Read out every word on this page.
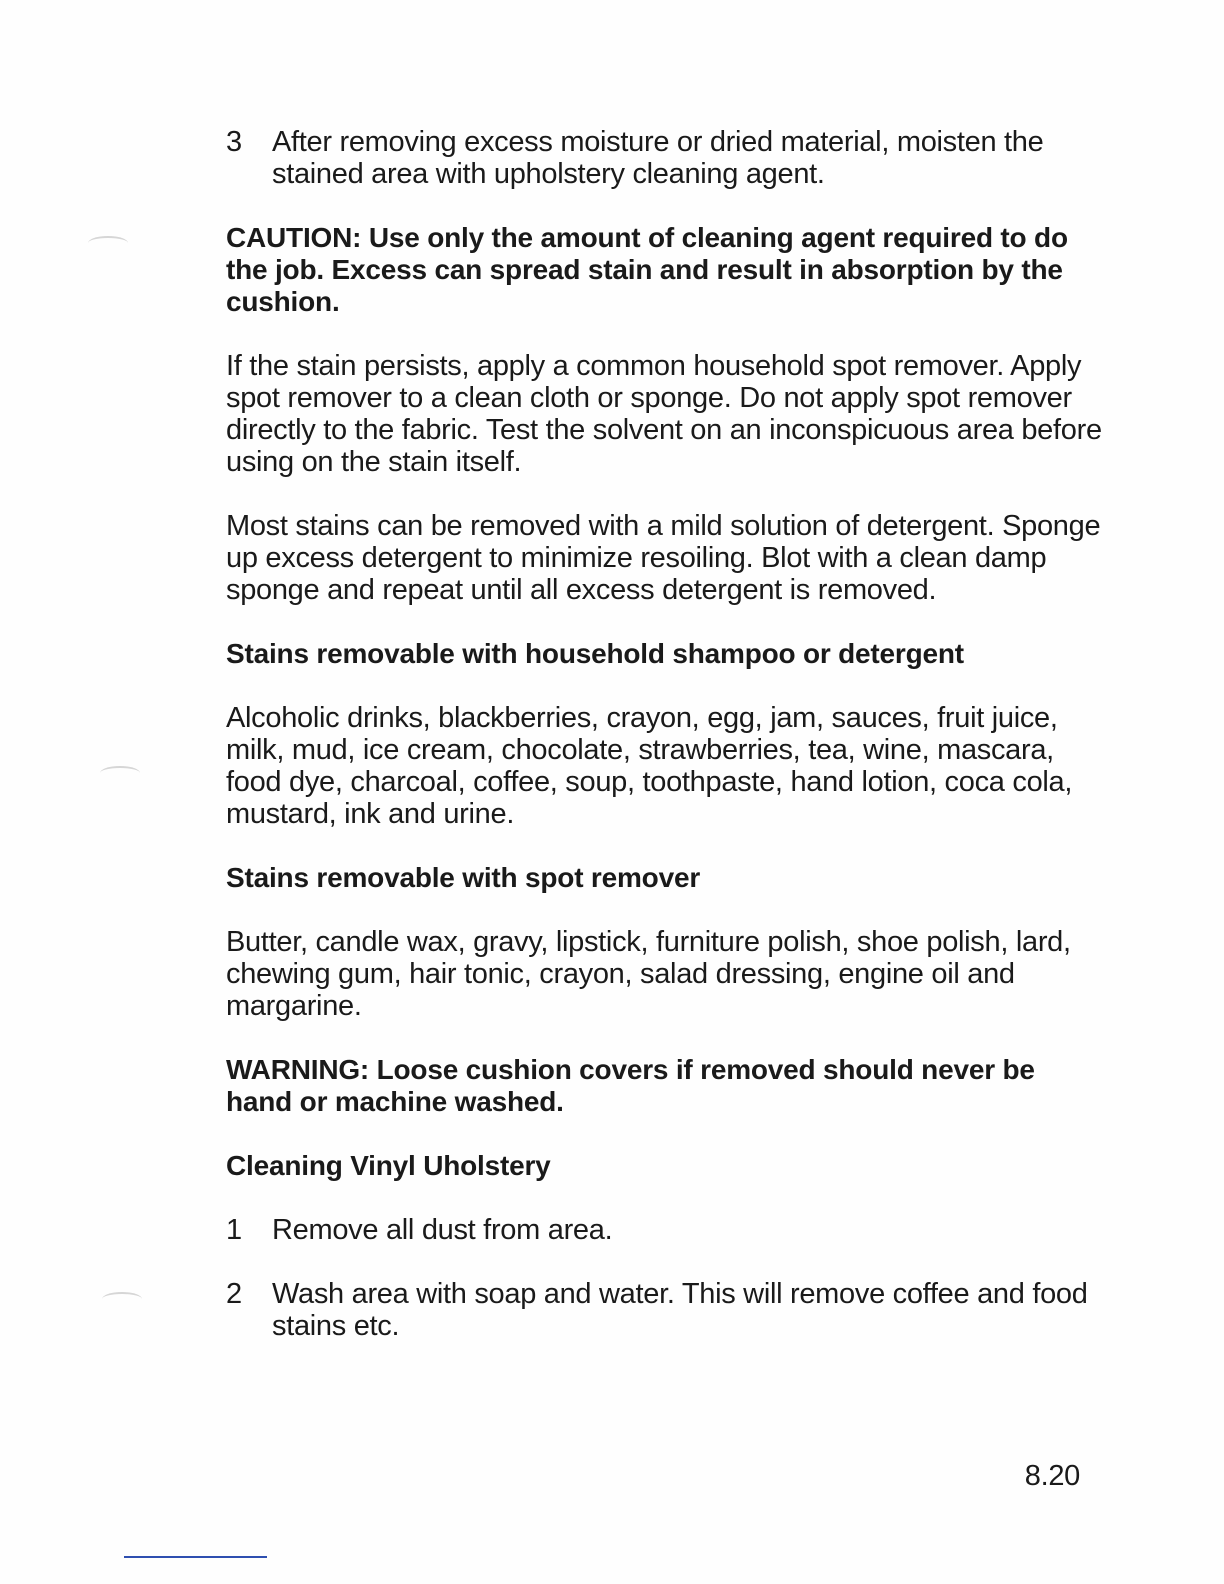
3 After removing excess moisture or dried material, moisten the stained area with upholstery cleaning agent.
CAUTION: Use only the amount of cleaning agent required to do the job. Excess can spread stain and result in absorption by the cushion.
If the stain persists, apply a common household spot remover. Apply spot remover to a clean cloth or sponge. Do not apply spot remover directly to the fabric. Test the solvent on an inconspicuous area before using on the stain itself.
Most stains can be removed with a mild solution of detergent. Sponge up excess detergent to minimize resoiling. Blot with a clean damp sponge and repeat until all excess detergent is removed.
Stains removable with household shampoo or detergent
Alcoholic drinks, blackberries, crayon, egg, jam, sauces, fruit juice, milk, mud, ice cream, chocolate, strawberries, tea, wine, mascara, food dye, charcoal, coffee, soup, toothpaste, hand lotion, coca cola, mustard, ink and urine.
Stains removable with spot remover
Butter, candle wax, gravy, lipstick, furniture polish, shoe polish, lard, chewing gum, hair tonic, crayon, salad dressing, engine oil and margarine.
WARNING: Loose cushion covers if removed should never be hand or machine washed.
Cleaning Vinyl Uholstery
1 Remove all dust from area.
2 Wash area with soap and water. This will remove coffee and food stains etc.
8.20
